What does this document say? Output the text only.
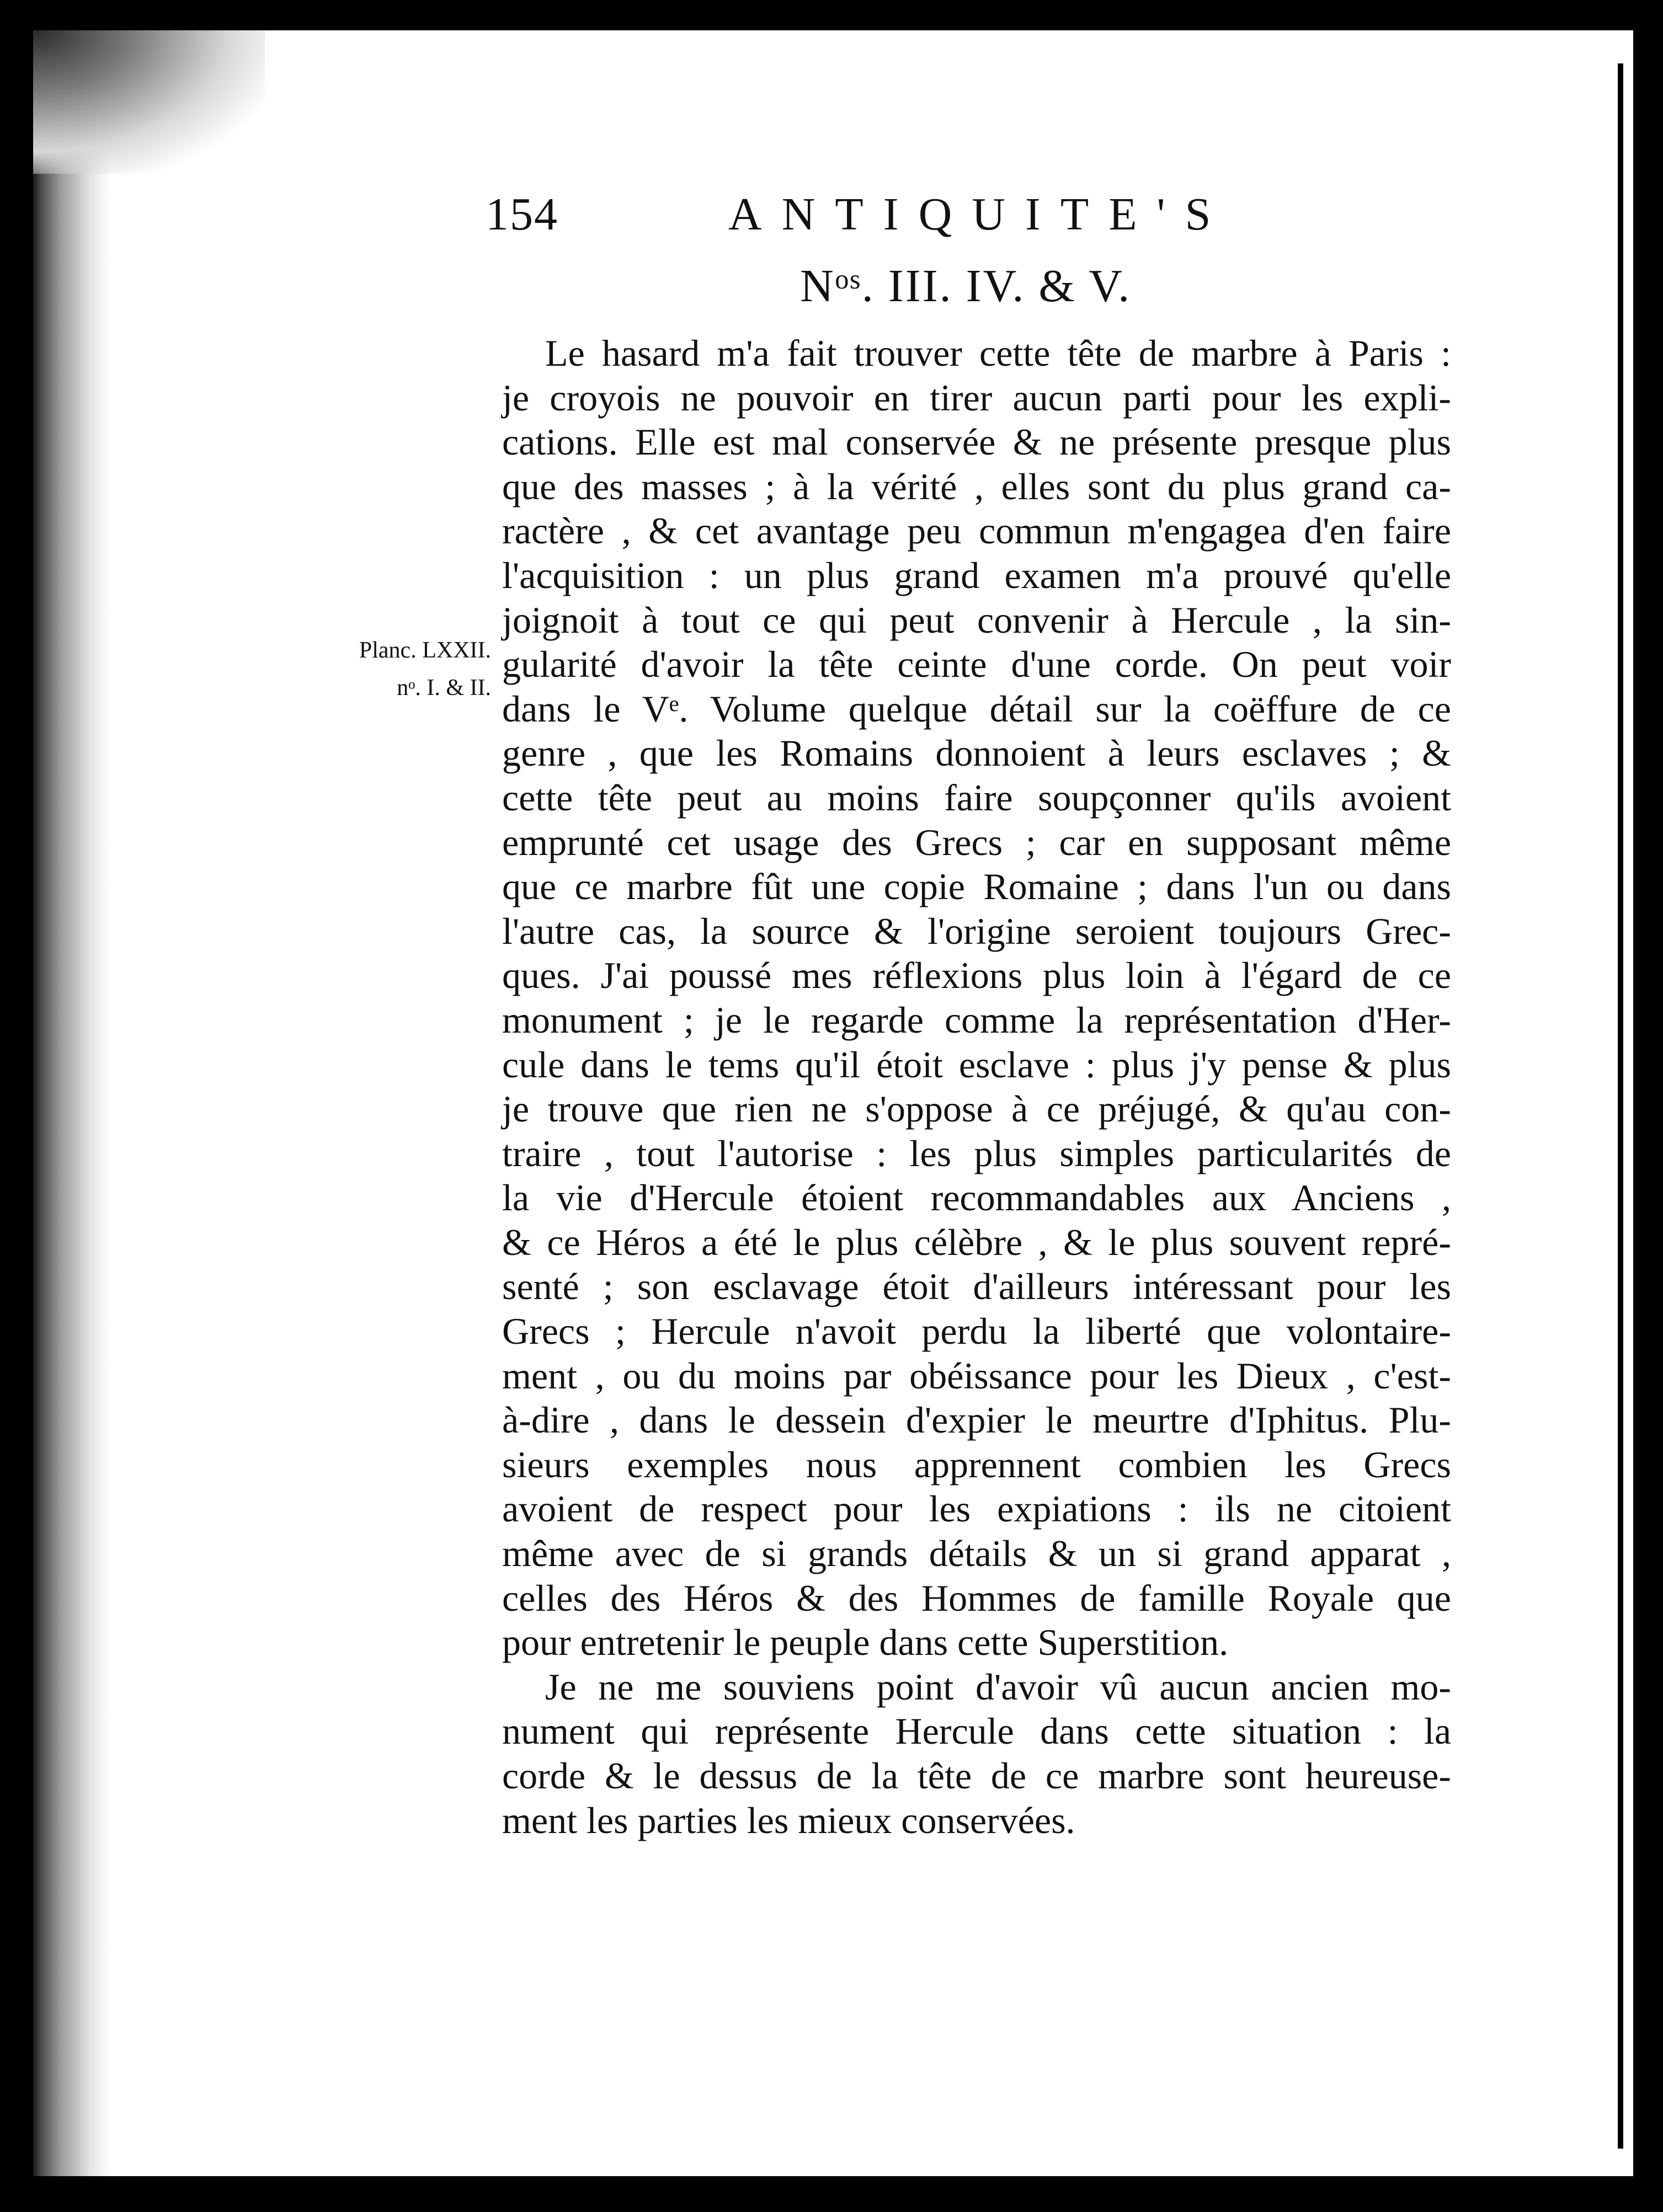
154	ANTIQUITE'S
Nᵒˢ. III. IV. & V.
Planc. LXXII.
nᵒ. I. & II.
Le hasard m'a fait trouver cette tête de marbre à Paris :
je croyois ne pouvoir en tirer aucun parti pour les expli-
cations. Elle est mal conservée & ne présente presque plus
que des masses ; à la vérité , elles sont du plus grand ca-
ractère , & cet avantage peu commun m'engagea d'en faire
l'acquisition : un plus grand examen m'a prouvé qu'elle
joignoit à tout ce qui peut convenir à Hercule , la sin-
gularité d'avoir la tête ceinte d'une corde. On peut voir
dans le Vᵉ. Volume quelque détail sur la coëffure de ce
genre , que les Romains donnoient à leurs esclaves ; &
cette tête peut au moins faire soupçonner qu'ils avoient
emprunté cet usage des Grecs ; car en supposant même
que ce marbre fût une copie Romaine ; dans l'un ou dans
l'autre cas, la source & l'origine seroient toujours Grec-
ques. J'ai poussé mes réflexions plus loin à l'égard de ce
monument ; je le regarde comme la représentation d'Her-
cule dans le tems qu'il étoit esclave : plus j'y pense & plus
je trouve que rien ne s'oppose à ce préjugé, & qu'au con-
traire , tout l'autorise : les plus simples particularités de
la vie d'Hercule étoient recommandables aux Anciens ,
& ce Héros a été le plus célèbre , & le plus souvent repré-
senté ; son esclavage étoit d'ailleurs intéressant pour les
Grecs ; Hercule n'avoit perdu la liberté que volontaire-
ment , ou du moins par obéissance pour les Dieux , c'est-
à-dire , dans le dessein d'expier le meurtre d'Iphitus. Plu-
sieurs exemples nous apprennent combien les Grecs
avoient de respect pour les expiations : ils ne citoient
même avec de si grands détails & un si grand apparat ,
celles des Héros & des Hommes de famille Royale que
pour entretenir le peuple dans cette Superstition.
Je ne me souviens point d'avoir vû aucun ancien mo-
nument qui représente Hercule dans cette situation : la
corde & le dessus de la tête de ce marbre sont heureuse-
ment les parties les mieux conservées.
